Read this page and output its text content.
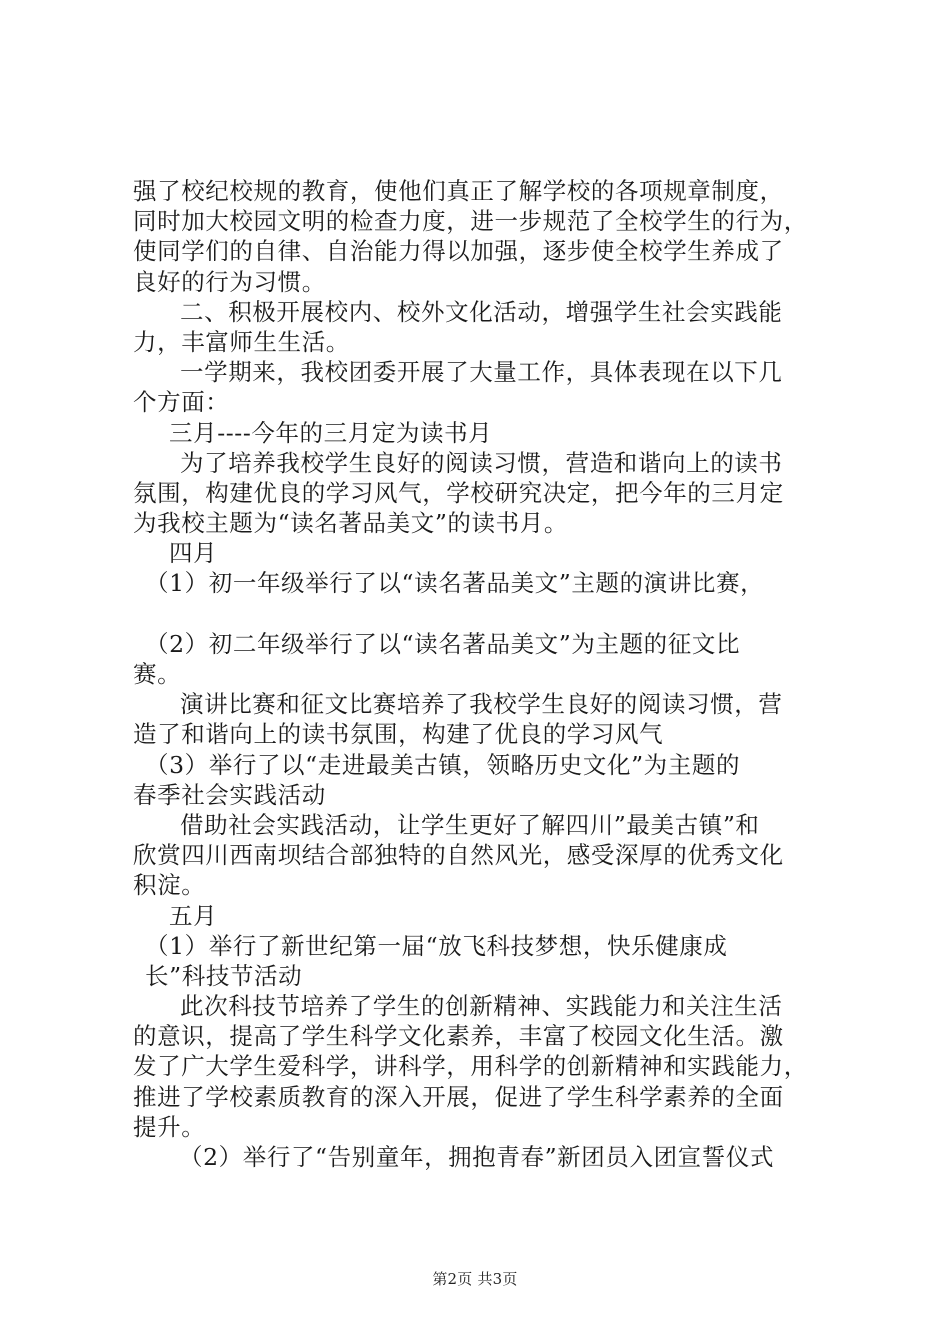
强了校纪校规的教育，使他们真正了解学校的各项规章制度，
同时加大校园文明的检查力度，进一步规范了全校学生的行为，
使同学们的自律、自治能力得以加强，逐步使全校学生养成了
良好的行为习惯。
二、积极开展校内、校外文化活动，增强学生社会实践能
力，丰富师生生活。
一学期来，我校团委开展了大量工作，具体表现在以下几
个方面：
三月----今年的三月定为读书月
为了培养我校学生良好的阅读习惯，营造和谐向上的读书
氛围，构建优良的学习风气，学校研究决定，把今年的三月定
为我校主题为“读名著品美文”的读书月。
四月
（1）初一年级举行了以“读名著品美文”主题的演讲比赛，
（2）初二年级举行了以“读名著品美文”为主题的征文比
赛。
演讲比赛和征文比赛培养了我校学生良好的阅读习惯，营
造了和谐向上的读书氛围，构建了优良的学习风气
（3）举行了以“走进最美古镇，领略历史文化”为主题的
春季社会实践活动
借助社会实践活动，让学生更好了解四川”最美古镇”和
欣赏四川西南坝结合部独特的自然风光，感受深厚的优秀文化
积淀。
五月
（1）举行了新世纪第一届“放飞科技梦想，快乐健康成
长”科技节活动
此次科技节培养了学生的创新精神、实践能力和关注生活
的意识，提高了学生科学文化素养，丰富了校园文化生活。激
发了广大学生爱科学，讲科学，用科学的创新精神和实践能力，
推进了学校素质教育的深入开展，促进了学生科学素养的全面
提升。
（2）举行了“告别童年，拥抱青春”新团员入团宣誓仪式
第2页 共3页
